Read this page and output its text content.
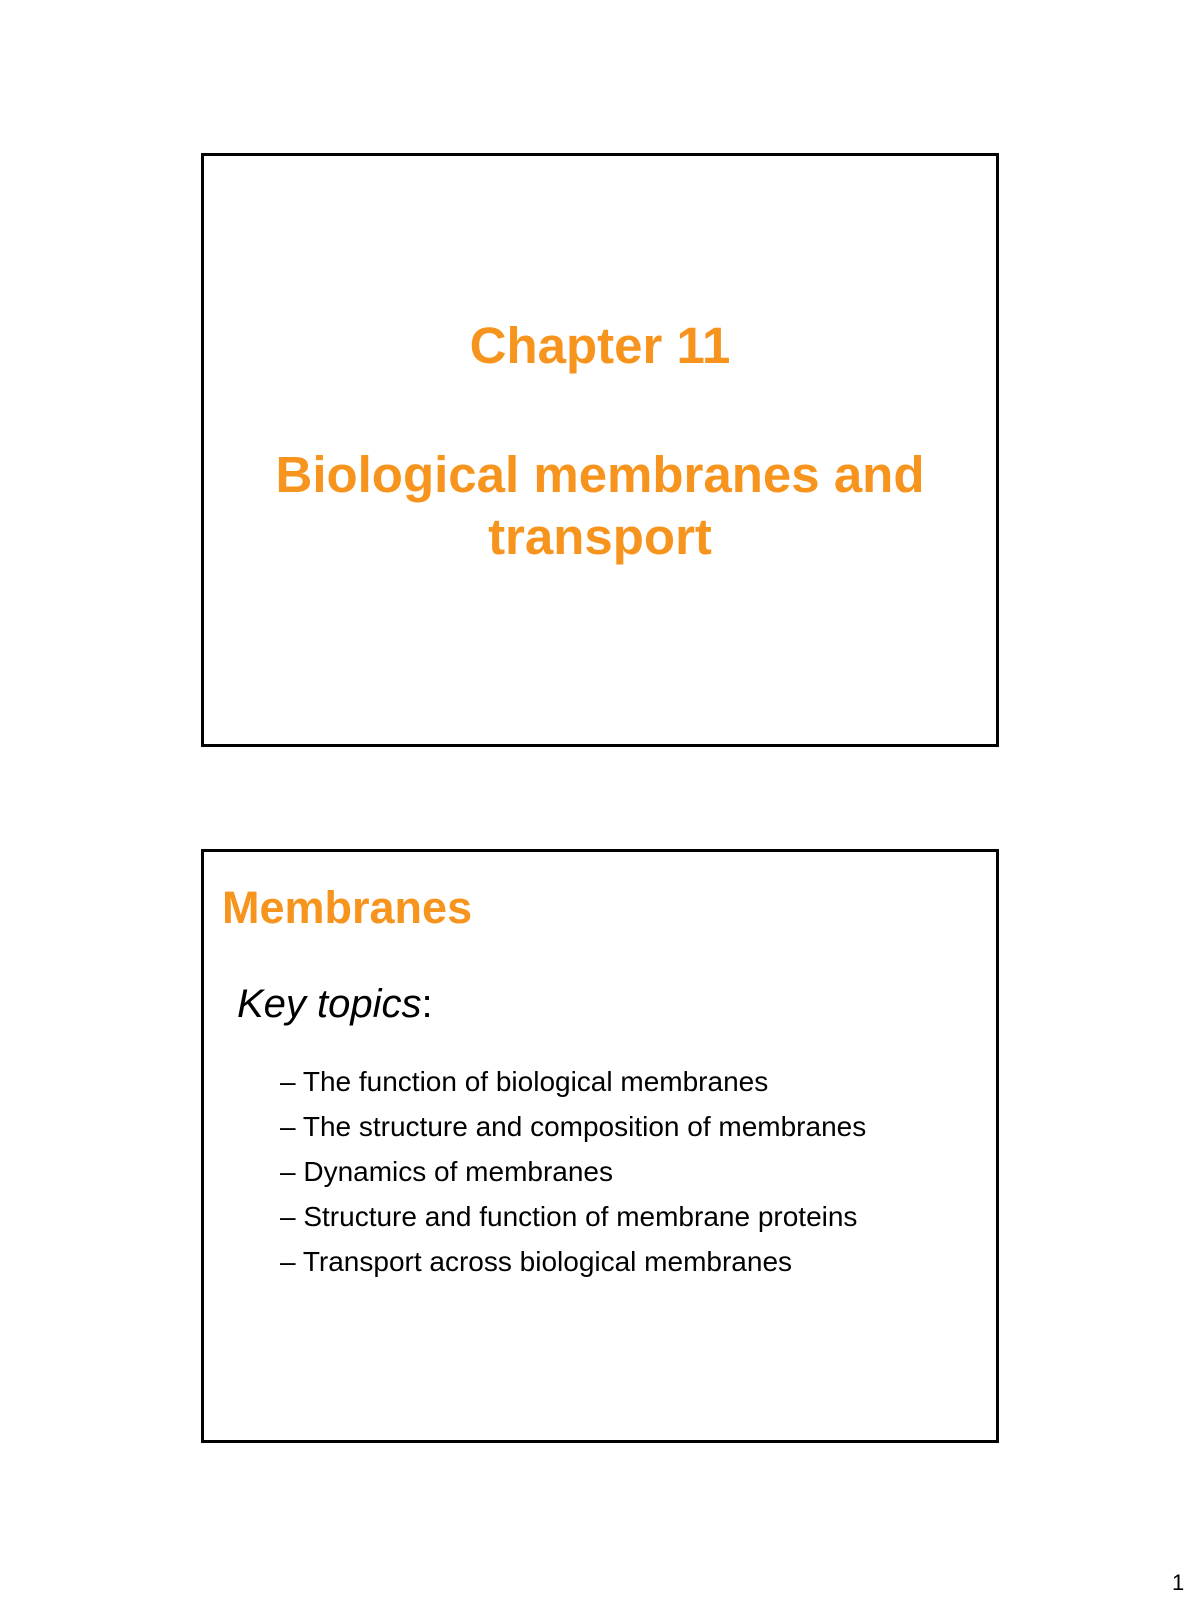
Chapter 11

Biological membranes and transport

Membranes

Key topics:

– The function of biological membranes
– The structure and composition of membranes
– Dynamics of membranes
– Structure and function of membrane proteins
– Transport across biological membranes
1
